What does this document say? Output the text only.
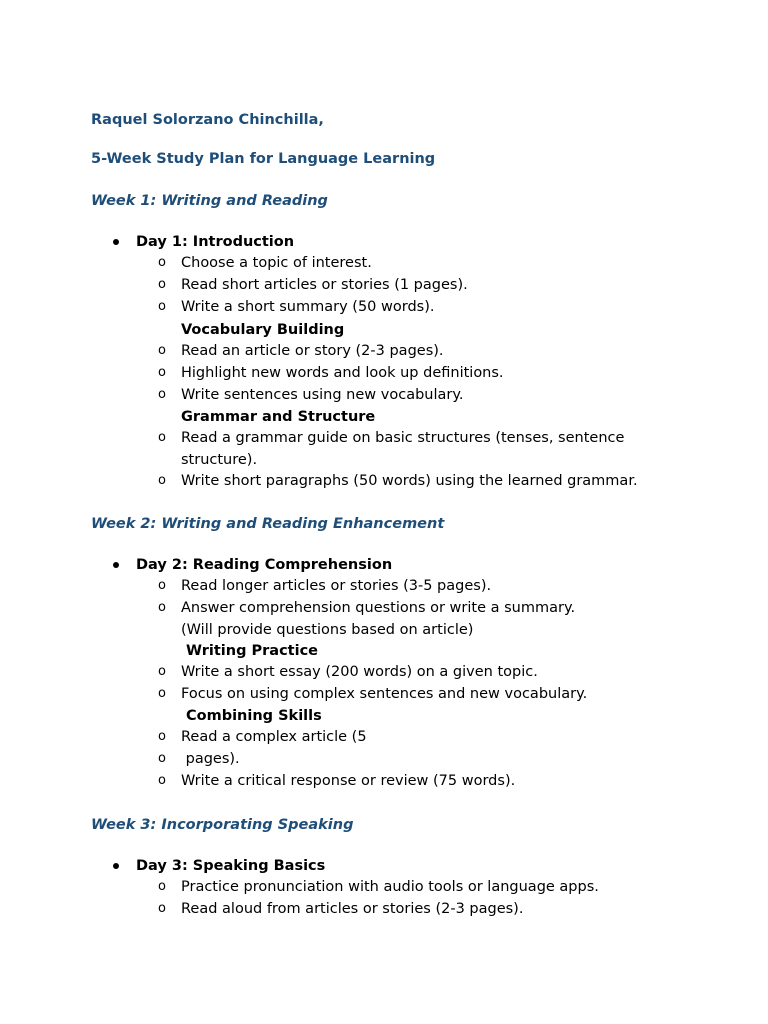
Raquel Solorzano Chinchilla,

5-Week Study Plan for Language Learning

Week 1: Writing and Reading

Day 1: Introduction

o Choose a topic of interest.

o Read short articles or stories (1 pages).

o Write a short summary (50 words).

Vocabulary Building

o Read an article or story (2-3 pages).

o Highlight new words and look up definitions.

o Write sentences using new vocabulary.

Grammar and Structure

o Read a grammar guide on basic structures (tenses, sentence

structure).

o Write short paragraphs (50 words) using the learned grammar.

Week 2: Writing and Reading Enhancement

Day 2: Reading Comprehension

o Read longer articles or stories (3-5 pages).

o Answer comprehension questions or write a summary.

(Will provide questions based on article)

Writing Practice

o Write a short essay (200 words) on a given topic.

o Focus on using complex sentences and new vocabulary.

Combining Skills

o Read a complex article (5

o pages).

o Write a critical response or review (75 words).

Week 3: Incorporating Speaking

Day 3: Speaking Basics

o Practice pronunciation with audio tools or language apps.

o Read aloud from articles or stories (2-3 pages).
